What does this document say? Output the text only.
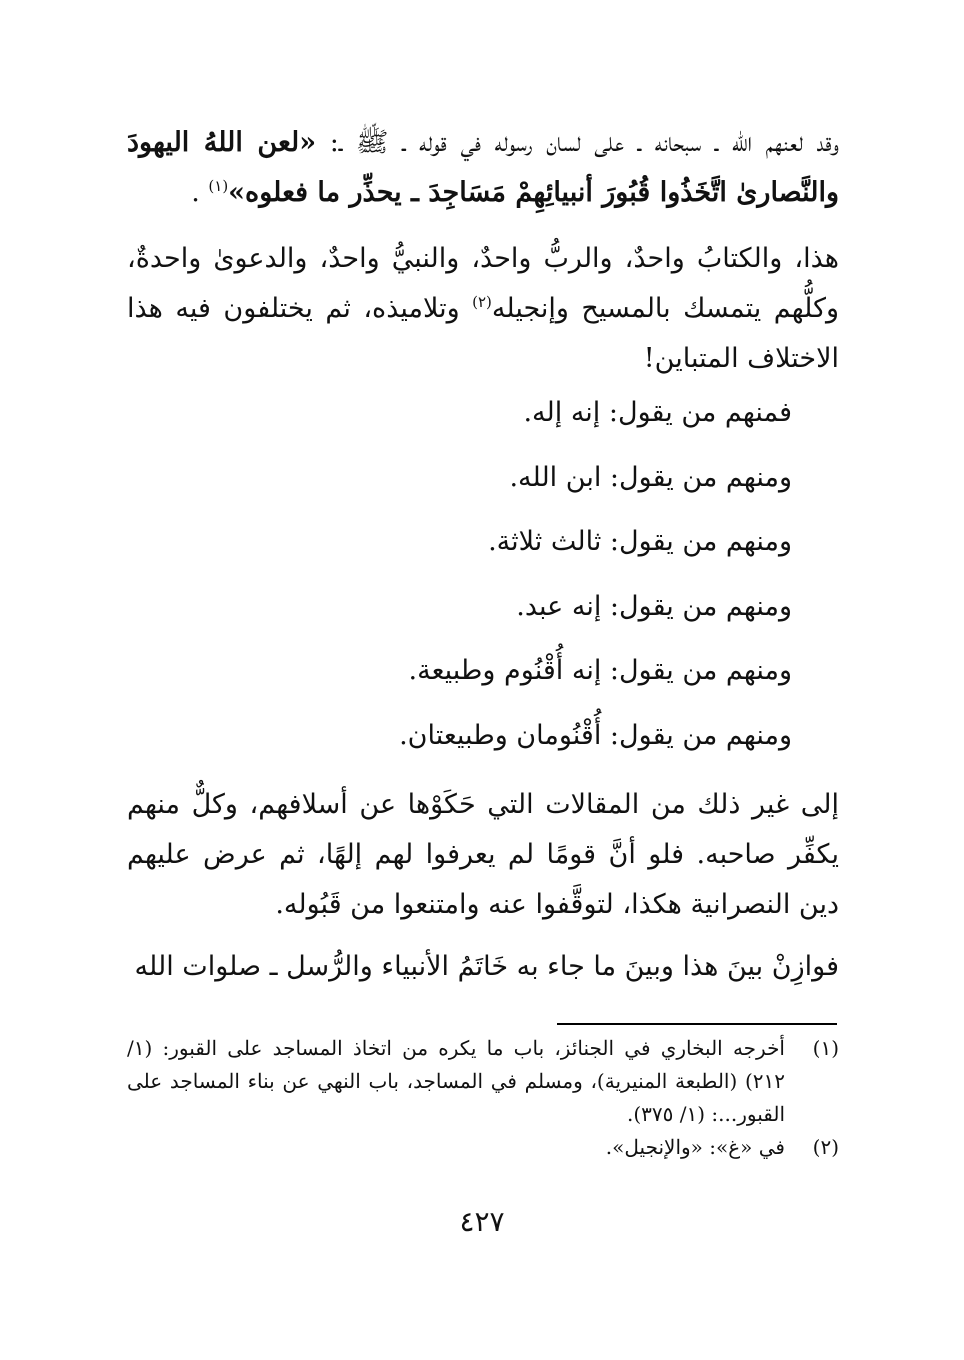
وقد لعنهم الله ـ سبحانه ـ على لسان رسوله في قوله ـ ﷺ ـ: «لعن اللهُ اليهودَ والنَّصارىٰ اتَّخَذُوا قُبُورَ أنبيائِهِمْ مَسَاجِدَ ـ يحذِّر ما فعلوه»$^{(١)}$ .

هذا، والكتابُ واحدٌ، والربُّ واحدٌ، والنبيُّ واحدٌ، والدعوىٰ واحدةٌ، وكلُّهم يتمسك بالمسيح وإنجيله$^{(٢)}$ وتلاميذه، ثم يختلفون فيه هذا الاختلاف المتباين!

فمنهم من يقول: إنه إله.
ومنهم من يقول: ابن الله.
ومنهم من يقول: ثالث ثلاثة.
ومنهم من يقول: إنه عبد.
ومنهم من يقول: إنه أُقْنُوم وطبيعة.
ومنهم من يقول: أُقْنُومان وطبيعتان.

إلى غير ذلك من المقالات التي حَكَوْها عن أسلافهم، وكلٌّ منهم يكفِّر صاحبه. فلو أنَّ قومًا لم يعرفوا لهم إلهًا، ثم عرض عليهم دين النصرانية هكذا، لتوقَّفوا عنه وامتنعوا من قَبُوله.

فوازِنْ بينَ هذا وبينَ ما جاء به خَاتَمُ الأنبياء والرُّسل ـ صلوات الله

(١)
أخرجه البخاري في الجنائز، باب ما يكره من اتخاذ المساجد على القبور: (١/ ٢١٢) (الطبعة المنيرية)، ومسلم في المساجد، باب النهي عن بناء المساجد على القبور...: (١/ ٣٧٥).
(٢)
في «غ»: «والإنجيل».
٤٢٧
